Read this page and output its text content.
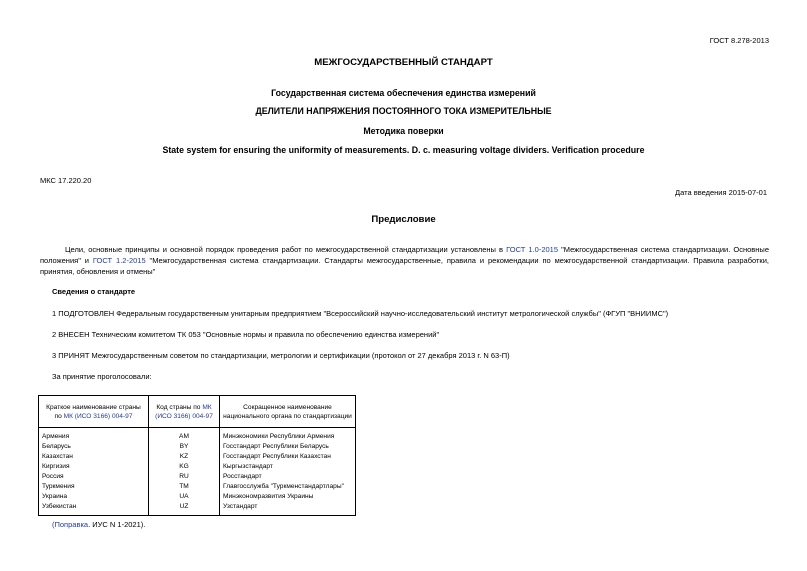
ГОСТ 8.278-2013
МЕЖГОСУДАРСТВЕННЫЙ СТАНДАРТ
Государственная система обеспечения единства измерений
ДЕЛИТЕЛИ НАПРЯЖЕНИЯ ПОСТОЯННОГО ТОКА ИЗМЕРИТЕЛЬНЫЕ
Методика поверки
State system for ensuring the uniformity of measurements. D. c. measuring voltage dividers. Verification procedure
МКС 17.220.20
Дата введения 2015-07-01
Предисловие
Цели, основные принципы и основной порядок проведения работ по межгосударственной стандартизации установлены в ГОСТ 1.0-2015 "Межгосударственная система стандартизации. Основные положения" и ГОСТ 1.2-2015 "Межгосударственная система стандартизации. Стандарты межгосударственные, правила и рекомендации по межгосударственной стандартизации. Правила разработки, принятия, обновления и отмены"
Сведения о стандарте
1 ПОДГОТОВЛЕН Федеральным государственным унитарным предприятием "Всероссийский научно-исследовательский институт метрологической службы" (ФГУП "ВНИИМС")
2 ВНЕСЕН Техническим комитетом ТК 053 "Основные нормы и правила по обеспечению единства измерений"
3 ПРИНЯТ Межгосударственным советом по стандартизации, метрологии и сертификации (протокол от 27 декабря 2013 г. N 63-П)
За принятие проголосовали:
Краткое наименование страны по МК (ИСО 3166) 004-97	Код страны по МК (ИСО 3166) 004-97	Сокращенное наименование национального органа по стандартизации
Армения	AM	Минэкономики Республики Армения
Беларусь	BY	Госстандарт Республики Беларусь
Казахстан	KZ	Госстандарт Республики Казахстан
Киргизия	KG	Кыргызстандарт
Россия	RU	Росстандарт
Туркмения	TM	Главгосслужба "Туркменстандартлары"
Украина	UA	Минэкономразвития Украины
Узбекистан	UZ	Узстандарт
(Поправка. ИУС N 1-2021).
